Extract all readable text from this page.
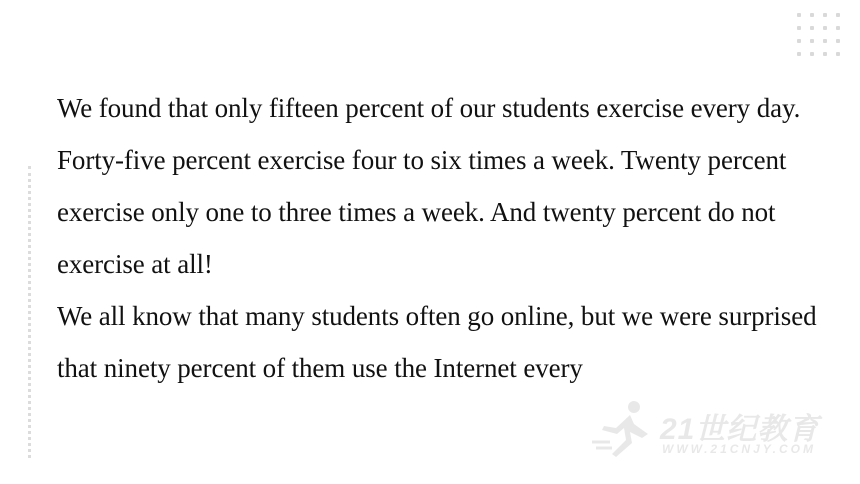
We found that only fifteen percent of our students exercise every day. Forty-five percent exercise four to six times a week. Twenty percent exercise only one to three times a week. And twenty percent do not exercise at all!

We all know that many students often go online, but we were surprised that ninety percent of them use the Internet every

21世纪教育
WWW.21CNJY.COM
